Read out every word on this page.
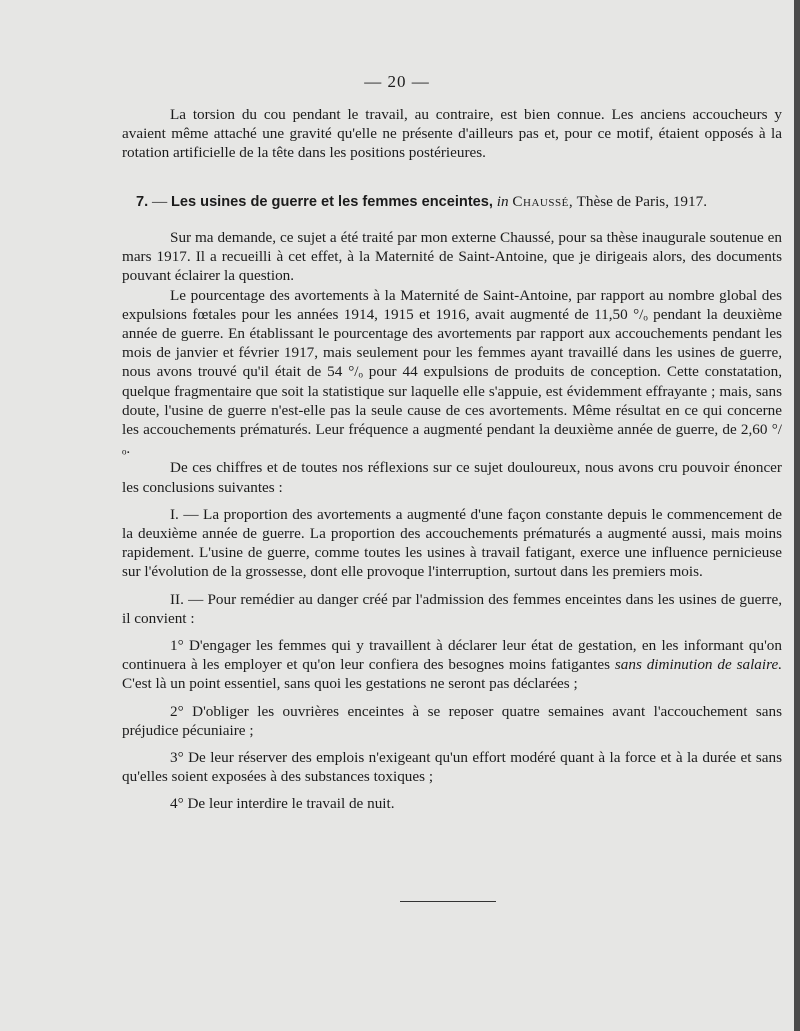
— 20 —

La torsion du cou pendant le travail, au contraire, est bien connue. Les anciens accoucheurs y avaient même attaché une gravité qu'elle ne présente d'ailleurs pas et, pour ce motif, étaient opposés à la rotation artificielle de la tête dans les positions postérieures.

7. — Les usines de guerre et les femmes enceintes, in Chaussé, Thèse de Paris, 1917.

Sur ma demande, ce sujet a été traité par mon externe Chaussé, pour sa thèse inaugurale soutenue en mars 1917. Il a recueilli à cet effet, à la Maternité de Saint-Antoine, que je dirigeais alors, des documents pouvant éclairer la question.

Le pourcentage des avortements à la Maternité de Saint-Antoine, par rapport au nombre global des expulsions fœtales pour les années 1914, 1915 et 1916, avait augmenté de 11,50 °/ₒ pendant la deuxième année de guerre. En établissant le pourcentage des avortements par rapport aux accouchements pendant les mois de janvier et février 1917, mais seulement pour les femmes ayant travaillé dans les usines de guerre, nous avons trouvé qu'il était de 54 °/ₒ pour 44 expulsions de produits de conception. Cette constatation, quelque fragmentaire que soit la statistique sur laquelle elle s'appuie, est évidemment effrayante ; mais, sans doute, l'usine de guerre n'est-elle pas la seule cause de ces avortements. Même résultat en ce qui concerne les accouchements prématurés. Leur fréquence a augmenté pendant la deuxième année de guerre, de 2,60 °/ₒ.

De ces chiffres et de toutes nos réflexions sur ce sujet douloureux, nous avons cru pouvoir énoncer les conclusions suivantes :

I. — La proportion des avortements a augmenté d'une façon constante depuis le commencement de la deuxième année de guerre. La proportion des accouchements prématurés a augmenté aussi, mais moins rapidement. L'usine de guerre, comme toutes les usines à travail fatigant, exerce une influence pernicieuse sur l'évolution de la grossesse, dont elle provoque l'interruption, surtout dans les premiers mois.

II. — Pour remédier au danger créé par l'admission des femmes enceintes dans les usines de guerre, il convient :

1° D'engager les femmes qui y travaillent à déclarer leur état de gestation, en les informant qu'on continuera à les employer et qu'on leur confiera des besognes moins fatigantes sans diminution de salaire. C'est là un point essentiel, sans quoi les gestations ne seront pas déclarées ;

2° D'obliger les ouvrières enceintes à se reposer quatre semaines avant l'accouchement sans préjudice pécuniaire ;

3° De leur réserver des emplois n'exigeant qu'un effort modéré quant à la force et à la durée et sans qu'elles soient exposées à des substances toxiques ;

4° De leur interdire le travail de nuit.
